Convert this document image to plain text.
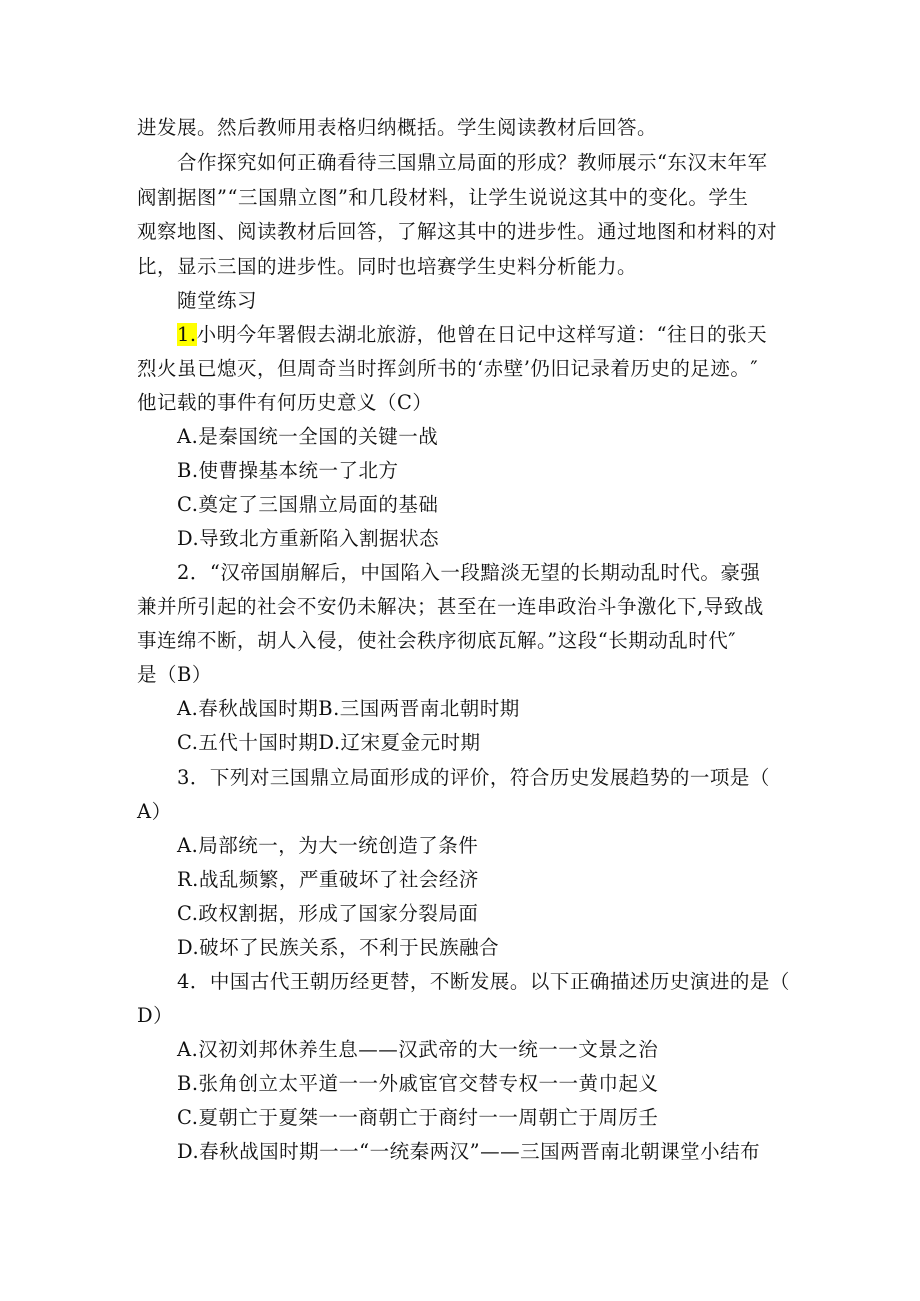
进发展。然后教师用表格归纳概括。学生阅读教材后回答。
合作探究如何正确看待三国鼎立局面的形成？教师展示“东汉末年军
阀割据图”“三国鼎立图”和几段材料，让学生说说这其中的变化。学生
观察地图、阅读教材后回答，了解这其中的进步性。通过地图和材料的对
比，显示三国的进步性。同时也培赛学生史料分析能力。
随堂练习
1.小明今年署假去湖北旅游，他曾在日记中这样写道：“往日的张天
烈火虽已熄灭，但周奇当时挥剑所书的‘赤壁’仍旧记录着历史的足迹。″
他记载的事件有何历史意义（C）
A.是秦国统一全国的关键一战
B.使曹操基本统一了北方
C.奠定了三国鼎立局面的基础
D.导致北方重新陷入割据状态
2．“汉帝国崩解后，中国陷入一段黯淡无望的长期动乱时代。豪强
兼并所引起的社会不安仍未解决；甚至在一连串政治斗争激化下,导致战
事连绵不断，胡人入侵，使社会秩序彻底瓦解。”这段“长期动乱时代″
是（B）
A.春秋战国时期B.三国两晋南北朝时期
C.五代十国时期D.辽宋夏金元时期
3．下列对三国鼎立局面形成的评价，符合历史发展趋势的一项是（
A）
A.局部统一，为大一统创造了条件
R.战乱频繁，严重破坏了社会经济
C.政权割据，形成了国家分裂局面
D.破坏了民族关系，不利于民族融合
4．中国古代王朝历经更替，不断发展。以下正确描述历史演进的是（
D）
A.汉初刘邦休养生息——汉武帝的大一统一一文景之治
B.张角创立太平道一一外戚宦官交替专权一一黄巾起义
C.夏朝亡于夏桀一一商朝亡于商纣一一周朝亡于周厉壬
D.春秋战国时期一一“一统秦两汉”——三国两晋南北朝课堂小结布
